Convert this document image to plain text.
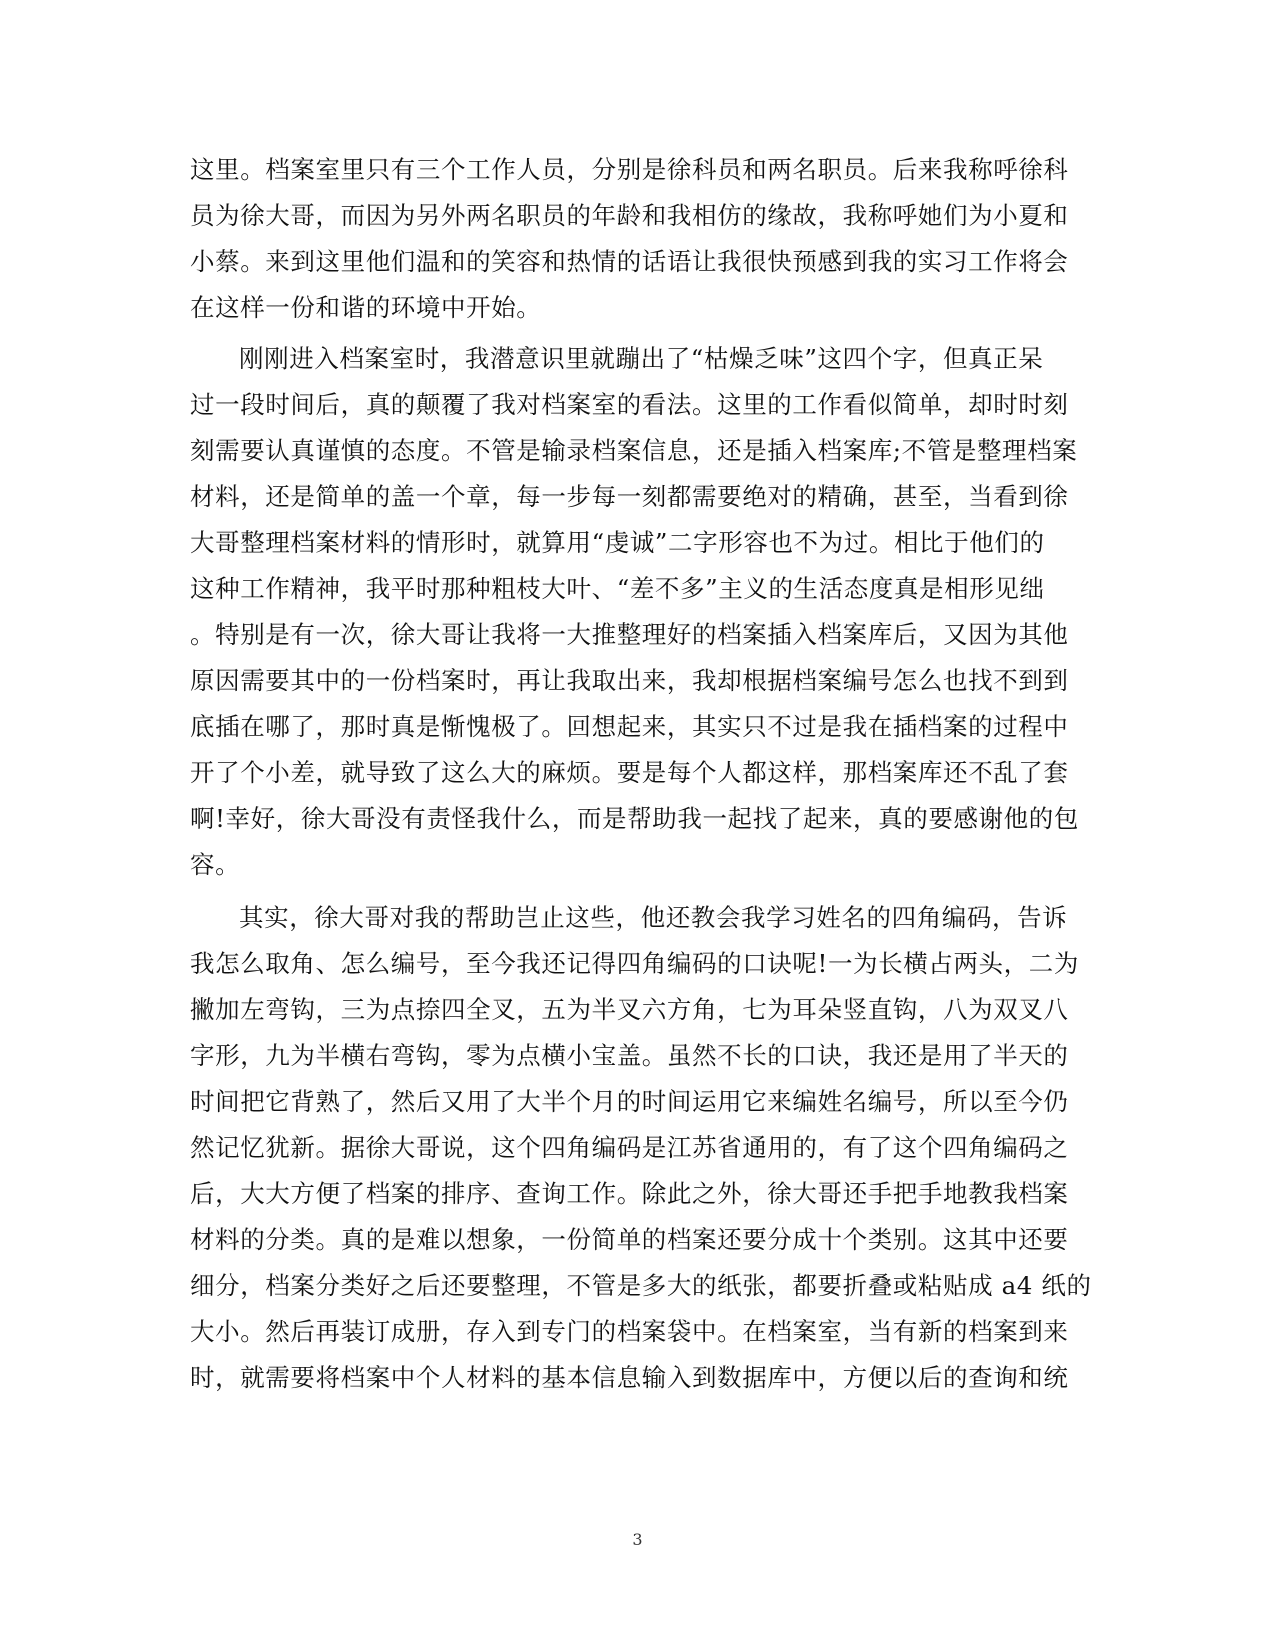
这里。档案室里只有三个工作人员，分别是徐科员和两名职员。后来我称呼徐科
员为徐大哥，而因为另外两名职员的年龄和我相仿的缘故，我称呼她们为小夏和
小蔡。来到这里他们温和的笑容和热情的话语让我很快预感到我的实习工作将会
在这样一份和谐的环境中开始。
刚刚进入档案室时，我潜意识里就蹦出了“枯燥乏味”这四个字，但真正呆
过一段时间后，真的颠覆了我对档案室的看法。这里的工作看似简单，却时时刻
刻需要认真谨慎的态度。不管是输录档案信息，还是插入档案库;不管是整理档案
材料，还是简单的盖一个章，每一步每一刻都需要绝对的精确，甚至，当看到徐
大哥整理档案材料的情形时，就算用“虔诚”二字形容也不为过。相比于他们的
这种工作精神，我平时那种粗枝大叶、“差不多”主义的生活态度真是相形见绌
。特别是有一次，徐大哥让我将一大推整理好的档案插入档案库后，又因为其他
原因需要其中的一份档案时，再让我取出来，我却根据档案编号怎么也找不到到
底插在哪了，那时真是惭愧极了。回想起来，其实只不过是我在插档案的过程中
开了个小差，就导致了这么大的麻烦。要是每个人都这样，那档案库还不乱了套
啊!幸好，徐大哥没有责怪我什么，而是帮助我一起找了起来，真的要感谢他的包
容。
其实，徐大哥对我的帮助岂止这些，他还教会我学习姓名的四角编码，告诉
我怎么取角、怎么编号，至今我还记得四角编码的口诀呢!一为长横占两头，二为
撇加左弯钩，三为点捺四全叉，五为半叉六方角，七为耳朵竖直钩，八为双叉八
字形，九为半横右弯钩，零为点横小宝盖。虽然不长的口诀，我还是用了半天的
时间把它背熟了，然后又用了大半个月的时间运用它来编姓名编号，所以至今仍
然记忆犹新。据徐大哥说，这个四角编码是江苏省通用的，有了这个四角编码之
后，大大方便了档案的排序、查询工作。除此之外，徐大哥还手把手地教我档案
材料的分类。真的是难以想象，一份简单的档案还要分成十个类别。这其中还要
细分，档案分类好之后还要整理，不管是多大的纸张，都要折叠或粘贴成 a4 纸的
大小。然后再装订成册，存入到专门的档案袋中。在档案室，当有新的档案到来
时，就需要将档案中个人材料的基本信息输入到数据库中，方便以后的查询和统
3
